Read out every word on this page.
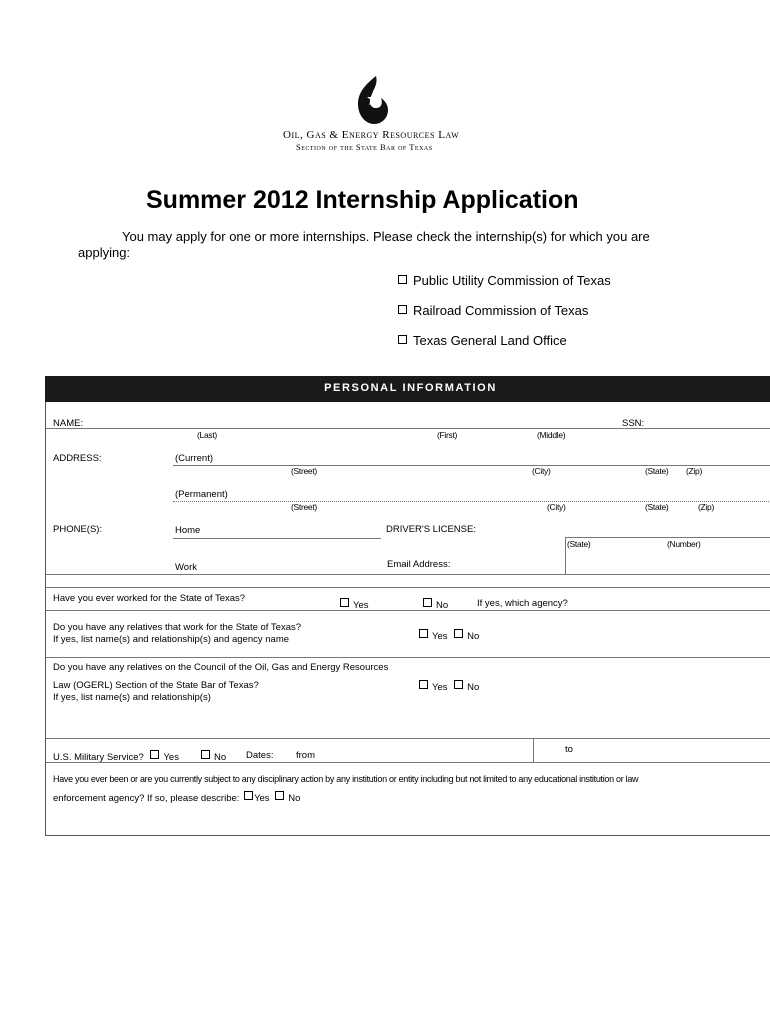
Oil, Gas & Energy Resources Law
Section of the State Bar of Texas
Summer 2012 Internship Application
You may apply for one or more internships. Please check the internship(s) for which you are
applying:
Public Utility Commission of Texas
Railroad Commission of Texas
Texas General Land Office
PERSONAL INFORMATION
NAME:	SSN:
(Last)	(First)	(Middle)
ADDRESS:	(Current)
(Street)	(City)	(State) (Zip)
(Permanent)
(Street)	(City)	(State)	(Zip)
PHONE(S):	Home	DRIVER'S LICENSE:
(State)	(Number)
Work	Email Address:
Have you ever worked for the State of Texas?
Yes	No	If yes, which agency?
Do you have any relatives that work for the State of Texas?
If yes, list name(s) and relationship(s) and agency name	Yes No
Do you have any relatives on the Council of the Oil, Gas and Energy Resources
Law (OGERL) Section of the State Bar of Texas?
If yes, list name(s) and relationship(s)
Yes No
U.S. Military Service? Yes	No Dates: from
to
Have you ever been or are you currently subject to any disciplinary action by any institution or entity including but not limited to any educational institution or law
enforcement agency? If so, please describe: Yes No
